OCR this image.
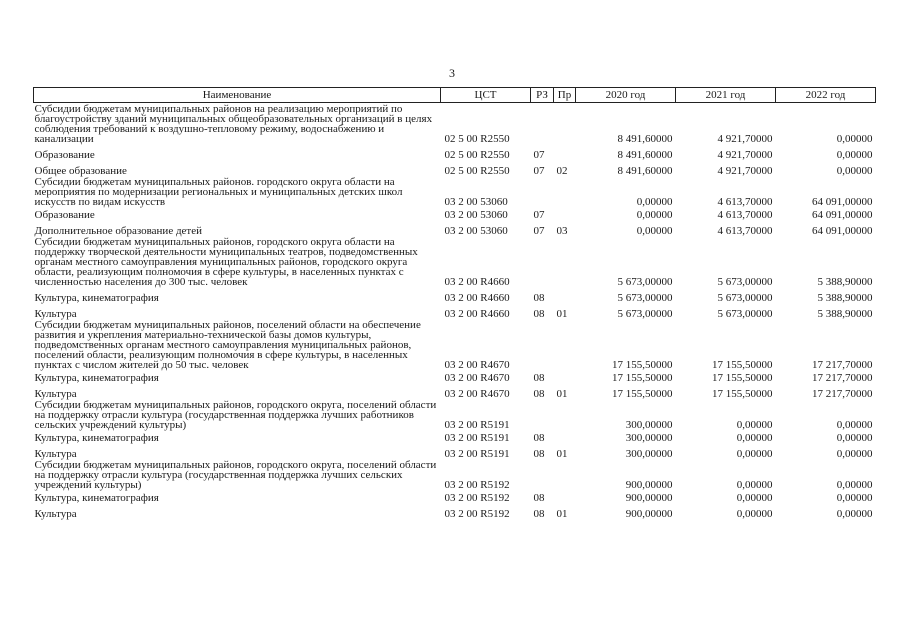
3
Наименование	ЦСТ	РЗ	Пр	2020 год	2021 год	2022 год
Субсидии бюджетам муниципальных районов на реализацию мероприятий по благоустройству зданий муниципальных общеобразовательных организаций в целях соблюдения требований к воздушно-тепловому режиму, водоснабжению и канализации	02 5 00 R2550			8 491,60000	4 921,70000	0,00000
Образование	02 5 00 R2550	07		8 491,60000	4 921,70000	0,00000
Общее образование	02 5 00 R2550	07	02	8 491,60000	4 921,70000	0,00000
Субсидии бюджетам муниципальных районов. городского округа области на мероприятия по модернизации региональных и муниципальных детских школ искусств по видам искусств	03 2 00 53060			0,00000	4 613,70000	64 091,00000
Образование	03 2 00 53060	07		0,00000	4 613,70000	64 091,00000
Дополнительное образование детей	03 2 00 53060	07	03	0,00000	4 613,70000	64 091,00000
Субсидии бюджетам муниципальных районов, городского округа области на поддержку творческой деятельности муниципальных театров, подведомственных органам местного самоуправления муниципальных районов, городского округа области, реализующим полномочия в сфере культуры, в населенных пунктах с численностью населения до 300 тыс. человек	03 2 00 R4660			5 673,00000	5 673,00000	5 388,90000
Культура, кинематография	03 2 00 R4660	08		5 673,00000	5 673,00000	5 388,90000
Культура	03 2 00 R4660	08	01	5 673,00000	5 673,00000	5 388,90000
Субсидии бюджетам муниципальных районов, поселений области на обеспечение развития и укрепления материально-технической базы домов культуры, подведомственных органам местного самоуправления муниципальных районов, поселений области, реализующим полномочия в сфере культуры, в населенных пунктах с числом жителей до 50 тыс. человек	03 2 00 R4670			17 155,50000	17 155,50000	17 217,70000
Культура, кинематография	03 2 00 R4670	08		17 155,50000	17 155,50000	17 217,70000
Культура	03 2 00 R4670	08	01	17 155,50000	17 155,50000	17 217,70000
Субсидии бюджетам муниципальных районов, городского округа, поселений области на поддержку отрасли культура (государственная поддержка лучших работников сельских учреждений культуры)	03 2 00 R5191			300,00000	0,00000	0,00000
Культура, кинематография	03 2 00 R5191	08		300,00000	0,00000	0,00000
Культура	03 2 00 R5191	08	01	300,00000	0,00000	0,00000
Субсидии бюджетам муниципальных районов, городского округа, поселений области на поддержку отрасли культура (государственная поддержка лучших сельских учреждений культуры)	03 2 00 R5192			900,00000	0,00000	0,00000
Культура, кинематография	03 2 00 R5192	08		900,00000	0,00000	0,00000
Культура	03 2 00 R5192	08	01	900,00000	0,00000	0,00000
